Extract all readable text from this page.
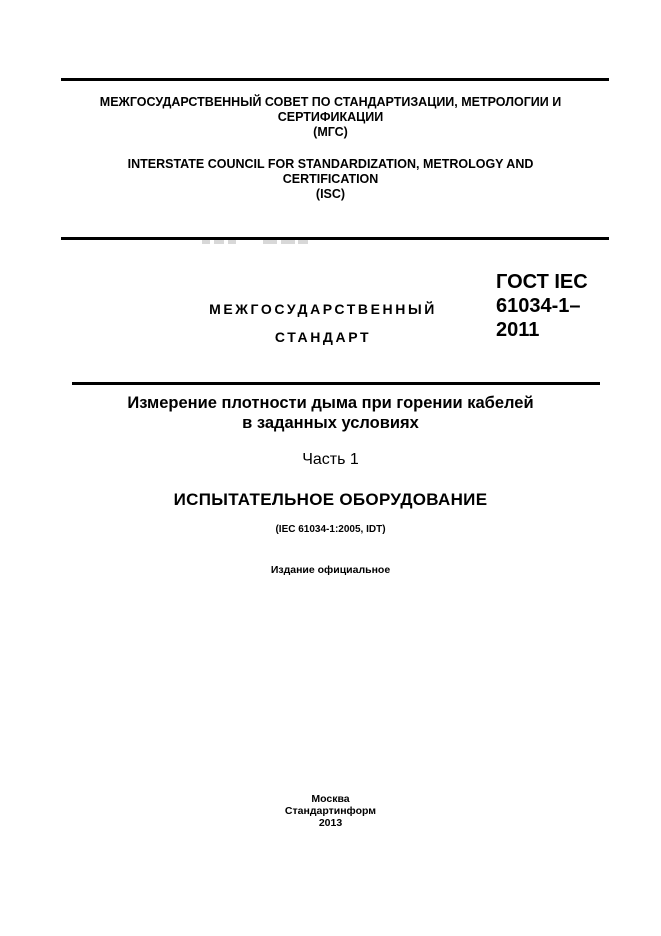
МЕЖГОСУДАРСТВЕННЫЙ СОВЕТ ПО СТАНДАРТИЗАЦИИ, МЕТРОЛОГИИ И
СЕРТИФИКАЦИИ
(МГС)
INTERSTATE COUNCIL FOR STANDARDIZATION, METROLOGY AND
CERTIFICATION
(ISC)
МЕЖГОСУДАРСТВЕННЫЙ
СТАНДАРТ
ГОСТ IEC
61034-1–
2011
Измерение плотности дыма при горении кабелей
в заданных условиях
Часть 1
ИСПЫТАТЕЛЬНОЕ ОБОРУДОВАНИЕ
(IEC 61034-1:2005, IDT)
Издание официальное
Москва
Стандартинформ
2013
